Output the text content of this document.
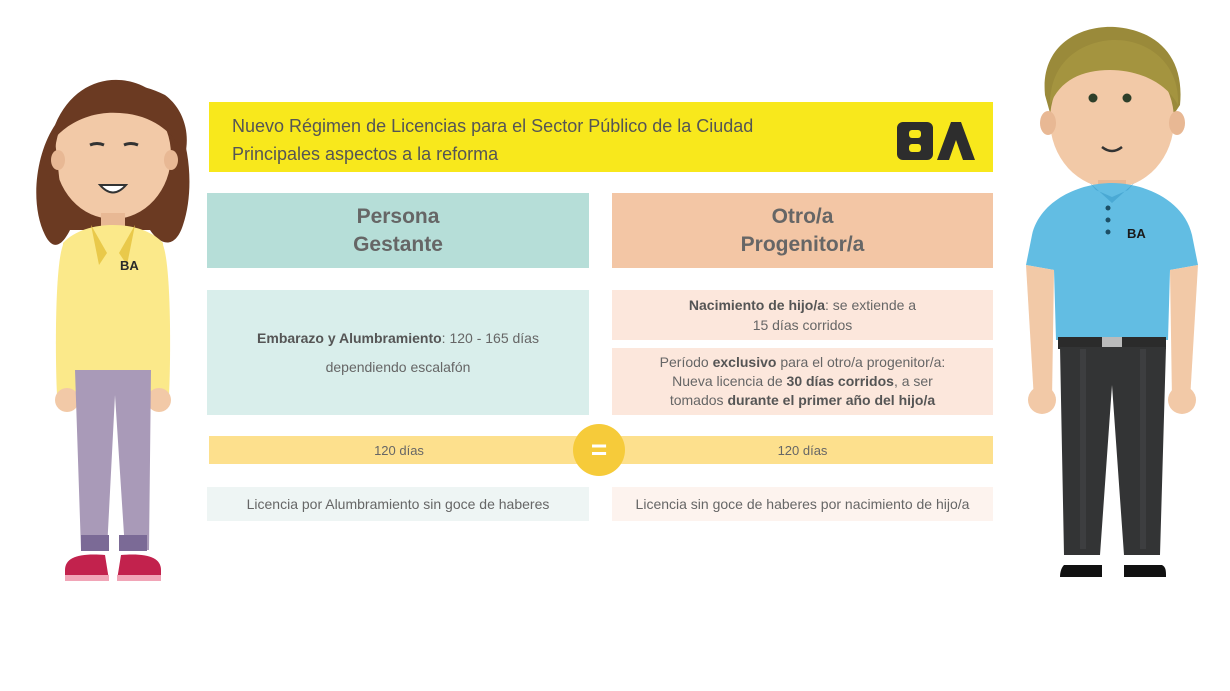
BA
BA
Nuevo Régimen de Licencias para el Sector Público de la Ciudad
Principales aspectos a la reforma
BA
Persona
Gestante
Otro/a
Progenitor/a
Embarazo y Alumbramiento: 120 - 165 días
dependiendo escalafón
Nacimiento de hijo/a: se extiende a
15 días corridos
Período exclusivo para el otro/a progenitor/a:
Nueva licencia de 30 días corridos, a ser
tomados durante el primer año del hijo/a
120 días	120 días
=
Licencia por Alumbramiento sin goce de haberes	Licencia sin goce de haberes por nacimiento de hijo/a
